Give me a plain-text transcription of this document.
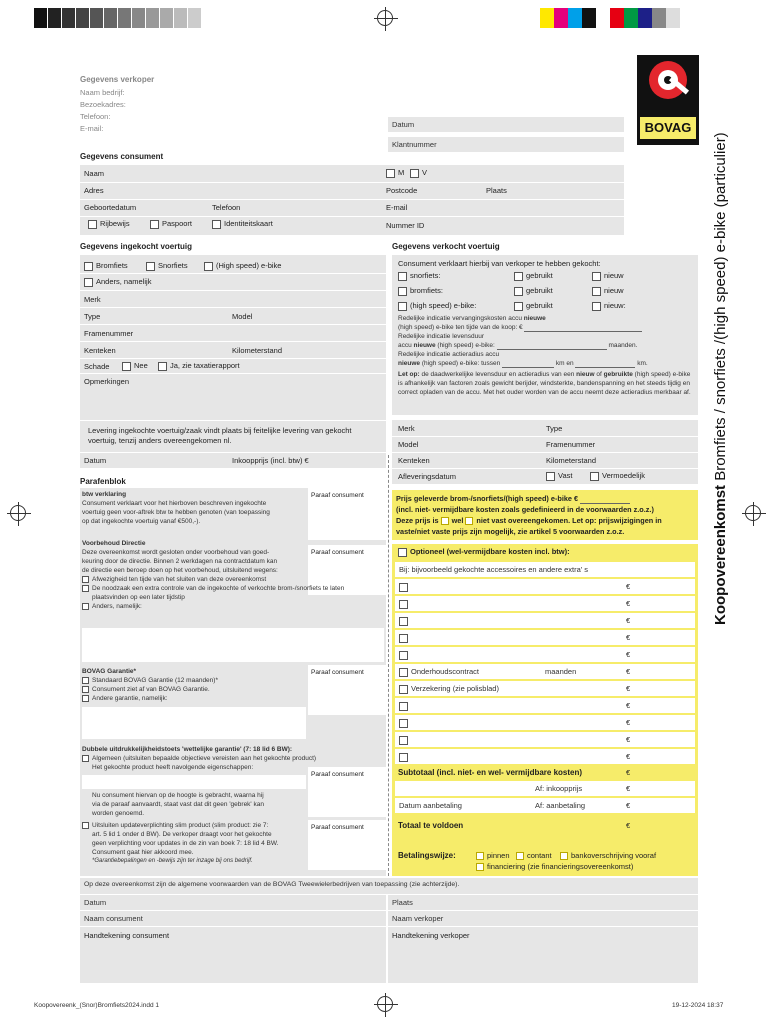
Gegevens verkoper
Naam bedrijf:
Bezoekadres:
Telefoon:
E-mail:	Datum
Klantnummer
BOVAG
Koopovereenkomst Bromfiets / snorfiets /(high speed) e-bike (particulier)
Gegevens consument
Naam	M	V
Adres	Postcode	Plaats
Geboortedatum	Telefoon	E-mail
Rijbewijs	Paspoort	Identiteitskaart	Nummer ID
Gegevens ingekocht voertuig
Bromfiets	Snorfiets	(High speed) e-bike
Anders, namelijk
Merk
Type	Model
Framenummer
Kenteken	Kilometerstand
Schade	Nee	Ja, zie taxatierapport
Opmerkingen
Levering ingekochte voertuig/zaak vindt plaats bij feitelijke levering van gekocht voertuig, tenzij anders overeengekomen nl.
Datum	Inkoopprijs (incl. btw) €
Gegevens verkocht voertuig
Consument verklaart hierbij van verkoper te hebben gekocht:
snorfiets:	gebruikt	nieuw
bromfiets:	gebruikt	nieuw
(high speed) e-bike:	gebruikt	nieuw:
Redelijke indicatie vervangingskosten accu nieuwe
(high speed) e-bike ten tijde van de koop: €
Redelijke indicatie levensduur
accu nieuwe (high speed) e-bike:	maanden.
Redelijke indicatie actieradius accu
nieuwe (high speed) e-bike: tussen	km en	km.
Let op: de daadwerkelijke levensduur en actieradius van een nieuw of gebruikte (high speed) e-bike is afhankelijk van factoren zoals gewicht berijder, windsterkte, bandenspanning en het steeds tijdig en correct opladen van de accu. Met het ouder worden van de accu neemt deze actieradius merkbaar af.
Merk	Type
Model	Framenummer
Kenteken	Kilometerstand
Afleveringsdatum	Vast	Vermoedelijk
Prijs geleverde brom-/snorfiets/(high speed) e-bike €
(incl. niet- vermijdbare kosten zoals gedefinieerd in de voorwaarden z.o.z.)
Deze prijs is wel niet vast overeengekomen. Let op: prijswijzigingen in
vaste/niet vaste prijs zijn mogelijk, zie artikel 5 voorwaarden z.o.z.
Optioneel (wel-vermijdbare kosten incl. btw):
Bij: bijvoorbeeld gekochte accessoires en andere extra' s
€
€
€
€
€
Onderhoudscontract	maanden	€
Verzekering (zie polisblad)	€
€
€
€
€
Subtotaal (incl. niet- en wel- vermijdbare kosten)	€
Af: inkoopprijs	€
Datum aanbetaling	Af: aanbetaling	€
Totaal te voldoen	€
Betalingswijze:	pinnen	contant	bankoverschrijving vooraf
financiering (zie financieringsovereenkomst)
Parafenblok
Paraaf consument
btw verklaring
Consument verklaart voor het hierboven beschreven ingekochte
voertuig geen voor-aftrek btw te hebben genoten (van toepassing
op dat ingekochte voertuig vanaf €500,-).
Paraaf consument
Voorbehoud Directie
Deze overeenkomst wordt gesloten onder voorbehoud van goed-
keuring door de directie. Binnen 2 werkdagen na contractdatum kan
de directie een beroep doen op het voorbehoud, uitsluitend wegens:
Afwezigheid ten tijde van het sluiten van deze overeenkomst
De noodzaak een extra controle van de ingekochte of verkochte brom-/snorfiets te laten
plaatsvinden op een later tijdstip
Anders, namelijk:
Paraaf consument
BOVAG Garantie*
Standaard BOVAG Garantie (12 maanden)*
Consument ziet af van BOVAG Garantie.
Andere garantie, namelijk:
Dubbele uitdrukkelijkheidstoets 'wettelijke garantie' (7: 18 lid 6 BW):
Algemeen (uitsluiten bepaalde objectieve vereisten aan het gekochte product)
Het gekochte product heeft navolgende eigenschappen:
Paraaf consument
Nu consument hiervan op de hoogte is gebracht, waarna hij
via de paraaf aanvaardt, staat vast dat dit geen 'gebrek' kan
worden genoemd.
Paraaf consument
Uitsluiten updateverplichting slim product (slim product: zie 7:
art. 5 lid 1 onder d BW). De verkoper draagt voor het gekochte
geen verplichting voor updates in de zin van boek 7: 18 lid 4 BW.
Consument gaat hier akkoord mee.
*Garantiebepalingen en -bewijs zijn ter inzage bij ons bedrijf.
Op deze overeenkomst zijn de algemene voorwaarden van de BOVAG Tweewielerbedrijven van toepassing (zie achterzijde).
Datum	Plaats
Naam consument	Naam verkoper
Handtekening consument	Handtekening verkoper
Koopovereenk_(Snor)Bromfiets2024.indd 1	19-12-2024 18:37
